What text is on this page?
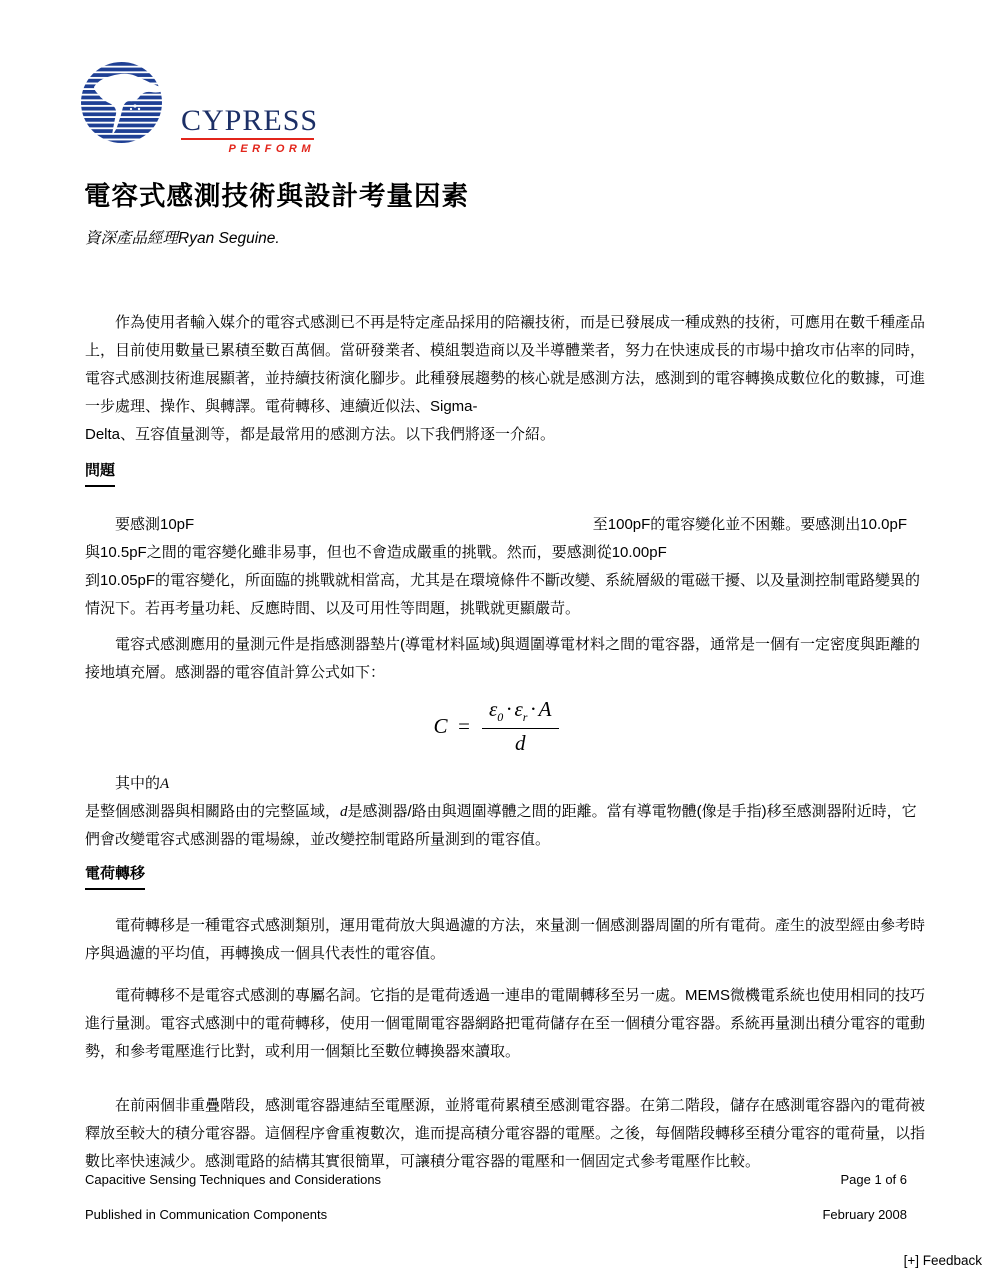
CYPRESS
PERFORM
電容式感測技術與設計考量因素
資深產品經理Ryan Seguine.
作為使用者輸入媒介的電容式感測已不再是特定產品採用的陪襯技術，而是已發展成一種成熟的技術，可應用在數千種產品
上，目前使用數量已累積至數百萬個。當研發業者、模組製造商以及半導體業者，努力在快速成長的市場中搶攻市佔率的同時，
電容式感測技術進展顯著，並持續技術演化腳步。此種發展趨勢的核心就是感測方法，感測到的電容轉換成數位化的數據，可進
一步處理、操作、與轉譯。電荷轉移、連續近似法、Sigma-
Delta、互容值量測等，都是最常用的感測方法。以下我們將逐一介紹。
問題
要感測10pF	至100pF的電容變化並不困難。要感測出10.0pF
與10.5pF之間的電容變化雖非易事，但也不會造成嚴重的挑戰。然而，要感測從10.00pF
到10.05pF的電容變化，所面臨的挑戰就相當高，尤其是在環境條件不斷改變、系統層級的電磁干擾、以及量測控制電路變異的
情況下。若再考量功耗、反應時間、以及可用性等問題，挑戰就更顯嚴苛。
電容式感測應用的量測元件是指感測器墊片(導電材料區域)與週圍導電材料之間的電容器，通常是一個有一定密度與距離的
接地填充層。感測器的電容值計算公式如下：
$C = \frac{\varepsilon_0 \cdot \varepsilon_r \cdot A}{d}$
其中的A
是整個感測器與相關路由的完整區域，d是感測器/路由與週圍導體之間的距離。當有導電物體(像是手指)移至感測器附近時，它
們會改變電容式感測器的電場線，並改變控制電路所量測到的電容值。
電荷轉移
電荷轉移是一種電容式感測類別，運用電荷放大與過濾的方法，來量測一個感測器周圍的所有電荷。產生的波型經由參考時
序與過濾的平均值，再轉換成一個具代表性的電容值。
電荷轉移不是電容式感測的專屬名詞。它指的是電荷透過一連串的電閘轉移至另一處。MEMS微機電系統也使用相同的技巧
進行量測。電容式感測中的電荷轉移，使用一個電閘電容器網路把電荷儲存在至一個積分電容器。系統再量測出積分電容的電動
勢，和參考電壓進行比對，或利用一個類比至數位轉換器來讀取。
在前兩個非重疊階段，感測電容器連結至電壓源，並將電荷累積至感測電容器。在第二階段，儲存在感測電容器內的電荷被
釋放至較大的積分電容器。這個程序會重複數次，進而提高積分電容器的電壓。之後，每個階段轉移至積分電容的電荷量，以指
數比率快速減少。感測電路的結構其實很簡單，可讓積分電容器的電壓和一個固定式參考電壓作比較。
Capacitive Sensing Techniques and Considerations	Page 1 of 6
Published in Communication Components	February 2008
[+] Feedback
